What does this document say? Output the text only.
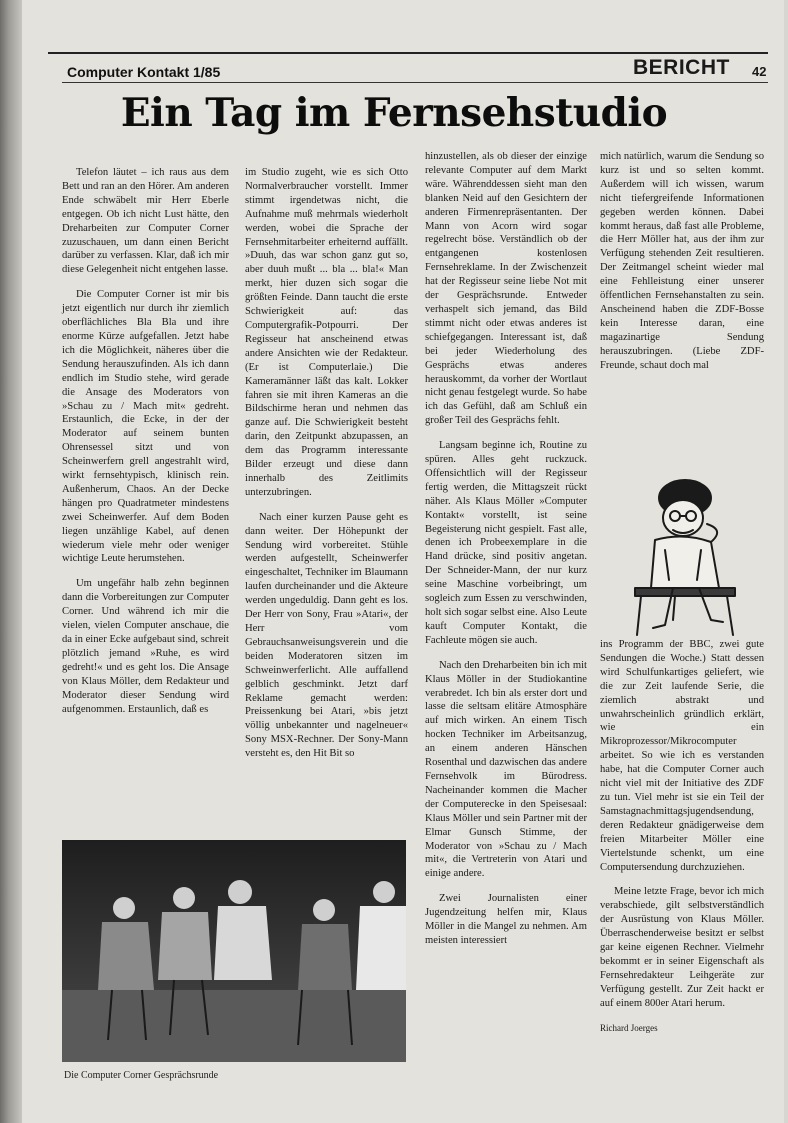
Computer Kontakt 1/85	BERICHT 42
Ein Tag im Fernsehstudio

Telefon läutet – ich raus aus dem Bett und ran an den Hörer. Am anderen Ende schwäbelt mir Herr Eberle entgegen. Ob ich nicht Lust hätte, den Dreharbeiten zur Computer Corner zuzuschauen, um dann einen Bericht darüber zu verfassen. Klar, daß ich mir diese Gelegenheit nicht entgehen lasse.

Die Computer Corner ist mir bis jetzt eigentlich nur durch ihr ziemlich oberflächliches Bla Bla und ihre enorme Kürze aufgefallen. Jetzt habe ich die Möglichkeit, näheres über die Sendung herauszufinden. Als ich dann endlich im Studio stehe, wird gerade die Ansage des Moderators von »Schau zu / Mach mit« gedreht. Erstaunlich, die Ecke, in der der Moderator auf seinem bunten Ohrensessel sitzt und von Scheinwerfern grell angestrahlt wird, wirkt fernsehtypisch, klinisch rein. Außenherum, Chaos. An der Decke hängen pro Quadratmeter mindestens zwei Scheinwerfer. Auf dem Boden liegen unzählige Kabel, auf denen wiederum viele mehr oder weniger wichtige Leute herumstehen.

Um ungefähr halb zehn beginnen dann die Vorbereitungen zur Computer Corner. Und während ich mir die vielen, vielen Computer anschaue, die da in einer Ecke aufgebaut sind, schreit plötzlich jemand »Ruhe, es wird gedreht!« und es geht los. Die Ansage von Klaus Möller, dem Redakteur und Moderator dieser Sendung wird aufgenommen. Erstaunlich, daß es

im Studio zugeht, wie es sich Otto Normalverbraucher vorstellt. Immer stimmt irgendetwas nicht, die Aufnahme muß mehrmals wiederholt werden, wobei die Sprache der Fernsehmitarbeiter erheiternd auffällt. »Duuh, das war schon ganz gut so, aber duuh mußt ... bla ... bla!« Man merkt, hier duzen sich sogar die größten Feinde. Dann taucht die erste Schwierigkeit auf: das Computergrafik-Potpourri. Der Regisseur hat anscheinend etwas andere Ansichten wie der Redakteur. (Er ist Computerlaie.) Die Kameramänner läßt das kalt. Lokker fahren sie mit ihren Kameras an die Bildschirme heran und nehmen das ganze auf. Die Schwierigkeit besteht darin, den Zeitpunkt abzupassen, an dem das Programm interessante Bilder erzeugt und diese dann innerhalb des Zeitlimits unterzubringen.

Nach einer kurzen Pause geht es dann weiter. Der Höhepunkt der Sendung wird vorbereitet. Stühle werden aufgestellt, Scheinwerfer eingeschaltet, Techniker im Blaumann laufen durcheinander und die Akteure werden ungeduldig. Dann geht es los. Der Herr von Sony, Frau »Atari«, der Herr vom Gebrauchsanweisungsverein und die beiden Moderatoren sitzen im Schweinwerferlicht. Alle auffallend gelblich geschminkt. Jetzt darf Reklame gemacht werden: Preissenkung bei Atari, »bis jetzt völlig unbekannter und nagelneuer« Sony MSX-Rechner. Der Sony-Mann versteht es, den Hit Bit so

hinzustellen, als ob dieser der einzige relevante Computer auf dem Markt wäre. Währenddessen sieht man den blanken Neid auf den Gesichtern der anderen Firmenrepräsentanten. Der Mann von Acorn wird sogar regelrecht böse. Verständlich ob der entgangenen kostenlosen Fernsehreklame. In der Zwischenzeit hat der Regisseur seine liebe Not mit der Gesprächsrunde. Entweder verhaspelt sich jemand, das Bild stimmt nicht oder etwas anderes ist schiefgegangen. Interessant ist, daß bei jeder Wiederholung des Gesprächs etwas anderes herauskommt, da vorher der Wortlaut nicht genau festgelegt wurde. So habe ich das Gefühl, daß am Schluß ein großer Teil des Gesprächs fehlt.

Langsam beginne ich, Routine zu spüren. Alles geht ruckzuck. Offensichtlich will der Regisseur fertig werden, die Mittagszeit rückt näher. Als Klaus Möller »Computer Kontakt« vorstellt, ist seine Begeisterung nicht gespielt. Fast alle, denen ich Probeexemplare in die Hand drücke, sind positiv angetan. Der Schneider-Mann, der nur kurz seine Maschine vorbeibringt, um sogleich zum Essen zu verschwinden, holt sich sogar selbst eine. Also Leute kauft Computer Kontakt, die Fachleute mögen sie auch.

Nach den Dreharbeiten bin ich mit Klaus Möller in der Studiokantine verabredet. Ich bin als erster dort und lasse die seltsam elitäre Atmosphäre auf mich wirken. An einem Tisch hocken Techniker im Arbeitsanzug, an einem anderen Hänschen Rosenthal und dazwischen das andere Fernsehvolk im Bürodress. Nacheinander kommen die Macher der Computerecke in den Speisesaal: Klaus Möller und sein Partner mit der Elmar Gunsch Stimme, der Moderator von »Schau zu / Mach mit«, die Vertreterin von Atari und einige andere.

Zwei Journalisten einer Jugendzeitung helfen mir, Klaus Möller in die Mangel zu nehmen. Am meisten interessiert

mich natürlich, warum die Sendung so kurz ist und so selten kommt. Außerdem will ich wissen, warum nicht tiefergreifende Informationen gegeben werden können. Dabei kommt heraus, daß fast alle Probleme, die Herr Möller hat, aus der ihm zur Verfügung stehenden Zeit resultieren. Der Zeitmangel scheint wieder mal eine Fehlleistung einer unserer öffentlichen Fernsehanstalten zu sein. Anscheinend haben die ZDF-Bosse kein Interesse daran, eine magazinartige Sendung herauszubringen. (Liebe ZDF-Freunde, schaut doch mal

ins Programm der BBC, zwei gute Sendungen die Woche.) Statt dessen wird Schulfunkartiges geliefert, wie die zur Zeit laufende Serie, die ziemlich abstrakt und unwahrscheinlich gründlich erklärt, wie ein Mikroprozessor/Mikrocomputer arbeitet. So wie ich es verstanden habe, hat die Computer Corner auch nicht viel mit der Initiative des ZDF zu tun. Viel mehr ist sie ein Teil der Samstagnachmittagsjugendsendung, deren Redakteur gnädigerweise dem freien Mitarbeiter Möller eine Viertelstunde schenkt, um eine Computersendung durchzuziehen.

Meine letzte Frage, bevor ich mich verabschiede, gilt selbstverständlich der Ausrüstung von Klaus Möller. Überraschenderweise besitzt er selbst gar keine eigenen Rechner. Vielmehr bekommt er in seiner Eigenschaft als Fernsehredakteur Leihgeräte zur Verfügung gestellt. Zur Zeit hackt er auf einem 800er Atari herum.

Richard Joerges

Die Computer Corner Gesprächsrunde
